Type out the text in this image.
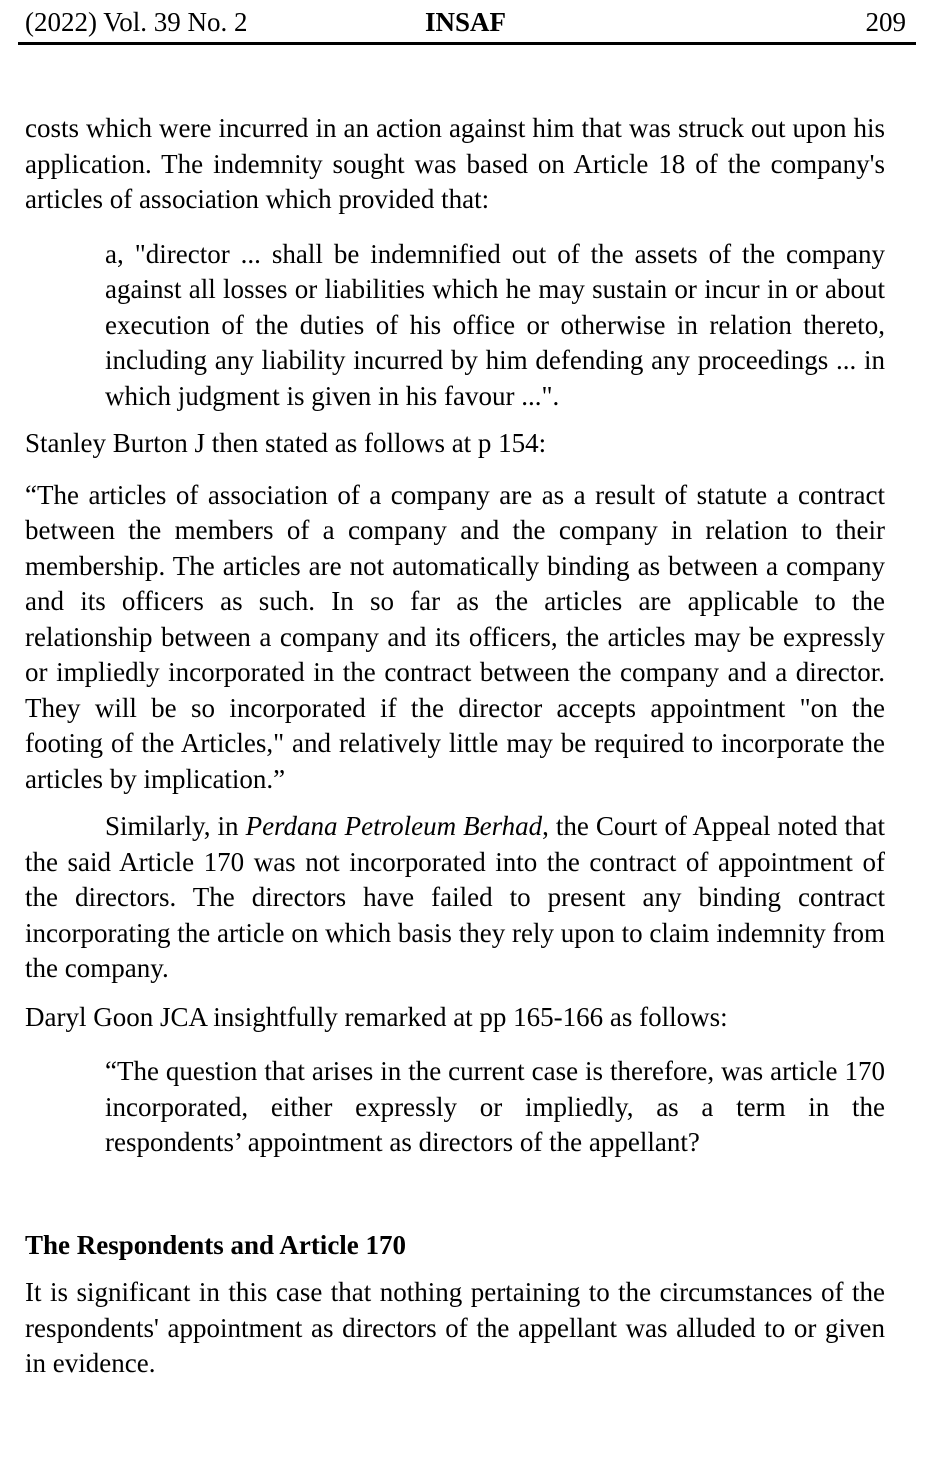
(2022) Vol. 39 No. 2	INSAF	209

costs which were incurred in an action against him that was struck out upon his application. The indemnity sought was based on Article 18 of the company's articles of association which provided that:

a, "director ... shall be indemnified out of the assets of the company against all losses or liabilities which he may sustain or incur in or about execution of the duties of his office or otherwise in relation thereto, including any liability incurred by him defending any proceedings ... in which judgment is given in his favour ...".

Stanley Burton J then stated as follows at p 154:

“The articles of association of a company are as a result of statute a contract between the members of a company and the company in relation to their membership. The articles are not automatically binding as between a company and its officers as such. In so far as the articles are applicable to the relationship between a company and its officers, the articles may be expressly or impliedly incorporated in the contract between the company and a director. They will be so incorporated if the director accepts appointment "on the footing of the Articles," and relatively little may be required to incorporate the articles by implication.”

Similarly, in Perdana Petroleum Berhad, the Court of Appeal noted that the said Article 170 was not incorporated into the contract of appointment of the directors. The directors have failed to present any binding contract incorporating the article on which basis they rely upon to claim indemnity from the company.

Daryl Goon JCA insightfully remarked at pp 165-166 as follows:

“The question that arises in the current case is therefore, was article 170 incorporated, either expressly or impliedly, as a term in the respondents’ appointment as directors of the appellant?
The Respondents and Article 170

It is significant in this case that nothing pertaining to the circumstances of the respondents' appointment as directors of the appellant was alluded to or given in evidence.
